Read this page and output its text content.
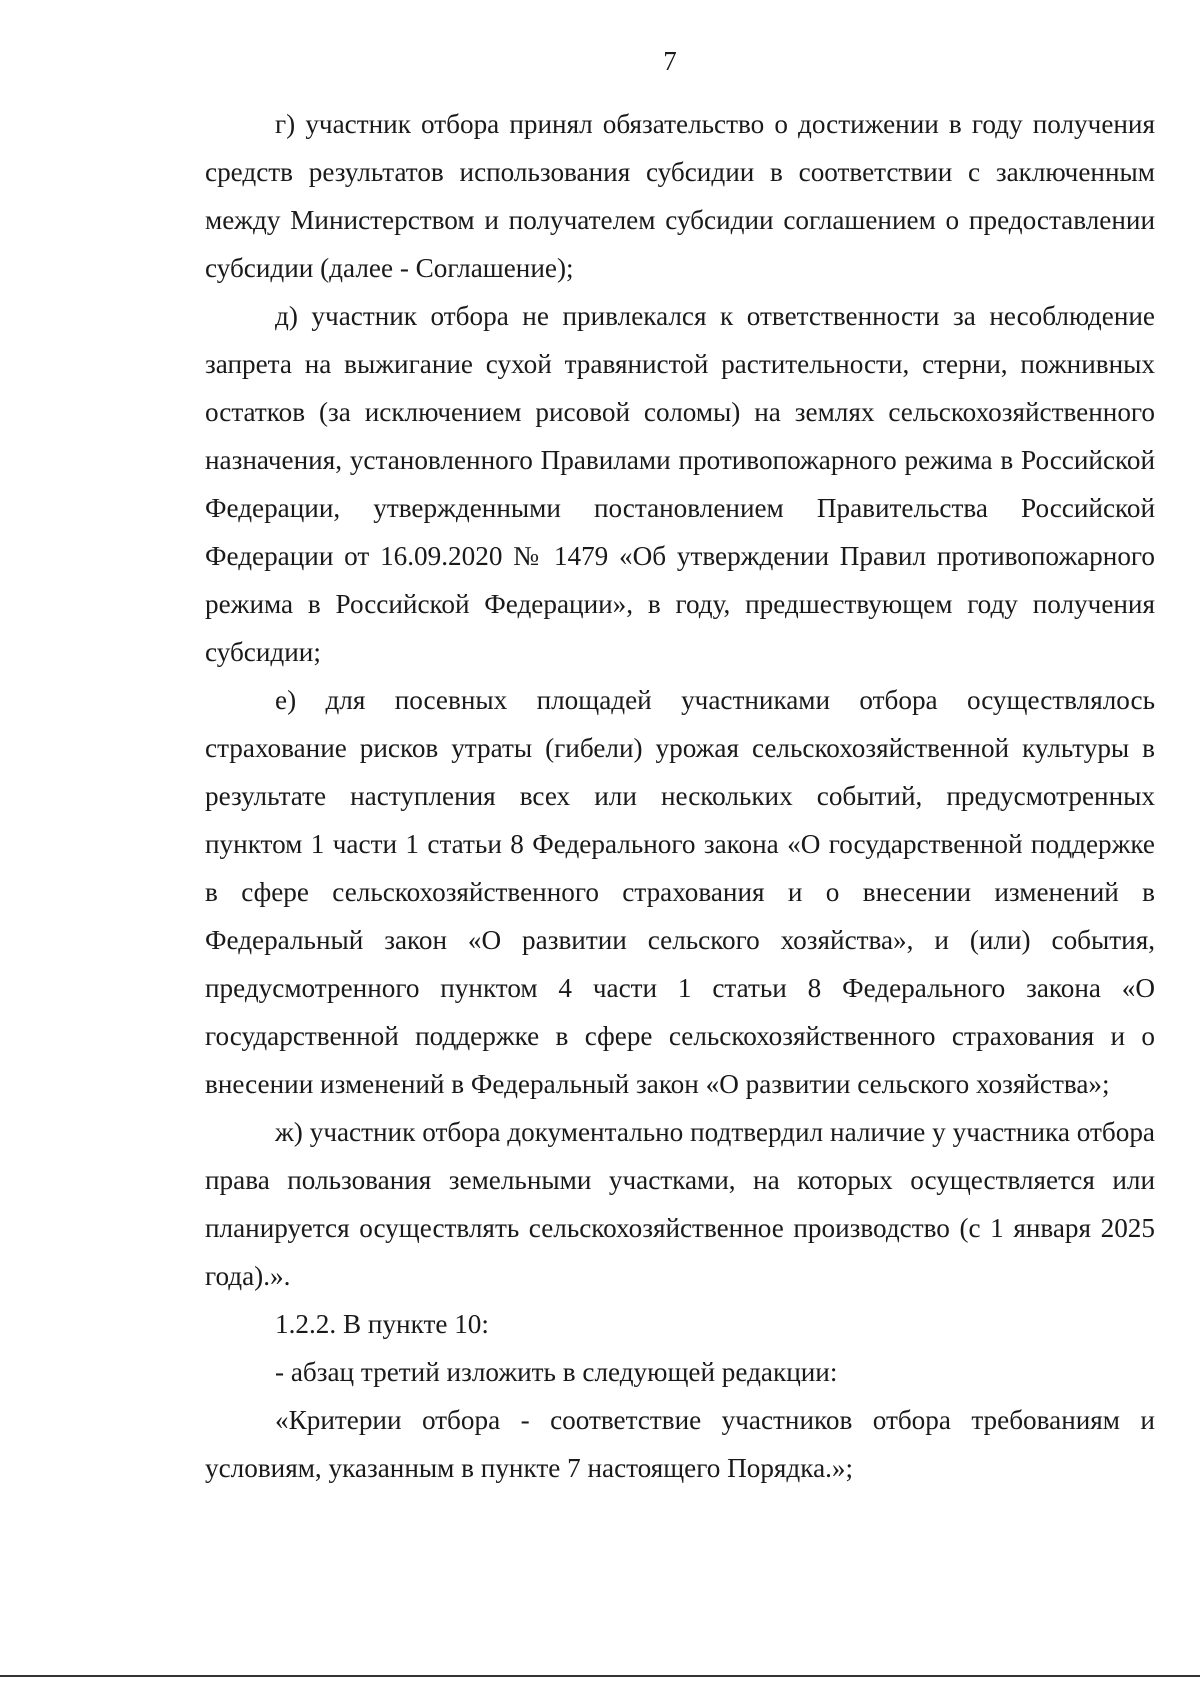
7

г) участник отбора принял обязательство о достижении в году получения средств результатов использования субсидии в соответствии с заключенным между Министерством и получателем субсидии соглашением о предоставлении субсидии (далее - Соглашение);

д) участник отбора не привлекался к ответственности за несоблюдение запрета на выжигание сухой травянистой растительности, стерни, пожнивных остатков (за исключением рисовой соломы) на землях сельскохозяйственного назначения, установленного Правилами противопожарного режима в Российской Федерации, утвержденными постановлением Правительства Российской Федерации от 16.09.2020 № 1479 «Об утверждении Правил противопожарного режима в Российской Федерации», в году, предшествующем году получения субсидии;

е) для посевных площадей участниками отбора осуществлялось страхование рисков утраты (гибели) урожая сельскохозяйственной культуры в результате наступления всех или нескольких событий, предусмотренных пунктом 1 части 1 статьи 8 Федерального закона «О государственной поддержке в сфере сельскохозяйственного страхования и о внесении изменений в Федеральный закон «О развитии сельского хозяйства», и (или) события, предусмотренного пунктом 4 части 1 статьи 8 Федерального закона «О государственной поддержке в сфере сельскохозяйственного страхования и о внесении изменений в Федеральный закон «О развитии сельского хозяйства»;

ж) участник отбора документально подтвердил наличие у участника отбора права пользования земельными участками, на которых осуществляется или планируется осуществлять сельскохозяйственное производство (с 1 января 2025 года).».

1.2.2. В пункте 10:

- абзац третий изложить в следующей редакции:

«Критерии отбора - соответствие участников отбора требованиям и условиям, указанным в пункте 7 настоящего Порядка.»;
